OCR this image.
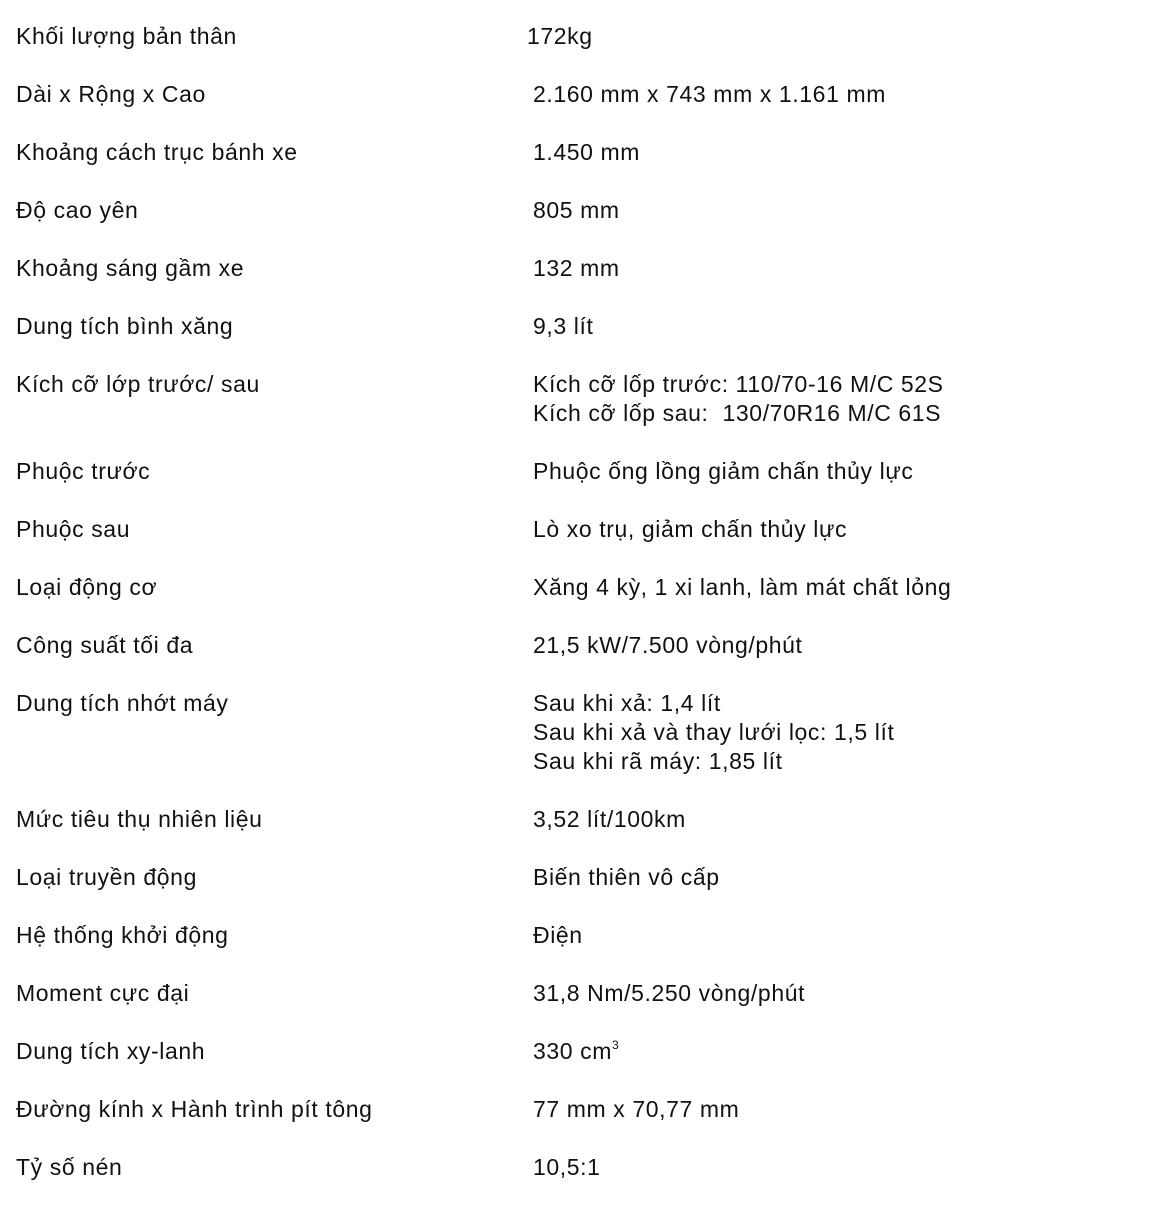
Khối lượng bản thân	172kg
Dài x Rộng x Cao	2.160 mm x 743 mm x 1.161 mm
Khoảng cách trục bánh xe	1.450 mm
Độ cao yên	805 mm
Khoảng sáng gầm xe	132 mm
Dung tích bình xăng	9,3 lít
Kích cỡ lớp trước/ sau	Kích cỡ lốp trước: 110/70-16 M/C 52S
Kích cỡ lốp sau:  130/70R16 M/C 61S
Phuộc trước	Phuộc ống lồng giảm chấn thủy lực
Phuộc sau	Lò xo trụ, giảm chấn thủy lực
Loại động cơ	Xăng 4 kỳ, 1 xi lanh, làm mát chất lỏng
Công suất tối đa	21,5 kW/7.500 vòng/phút
Dung tích nhớt máy	Sau khi xả: 1,4 lít
Sau khi xả và thay lưới lọc: 1,5 lít
Sau khi rã máy: 1,85 lít
Mức tiêu thụ nhiên liệu	3,52 lít/100km
Loại truyền động	Biến thiên vô cấp
Hệ thống khởi động	Điện
Moment cực đại	31,8 Nm/5.250 vòng/phút
Dung tích xy-lanh	330 $cm^3$
Đường kính x Hành trình pít tông	77 mm x 70,77 mm
Tỷ số nén	10,5:1
